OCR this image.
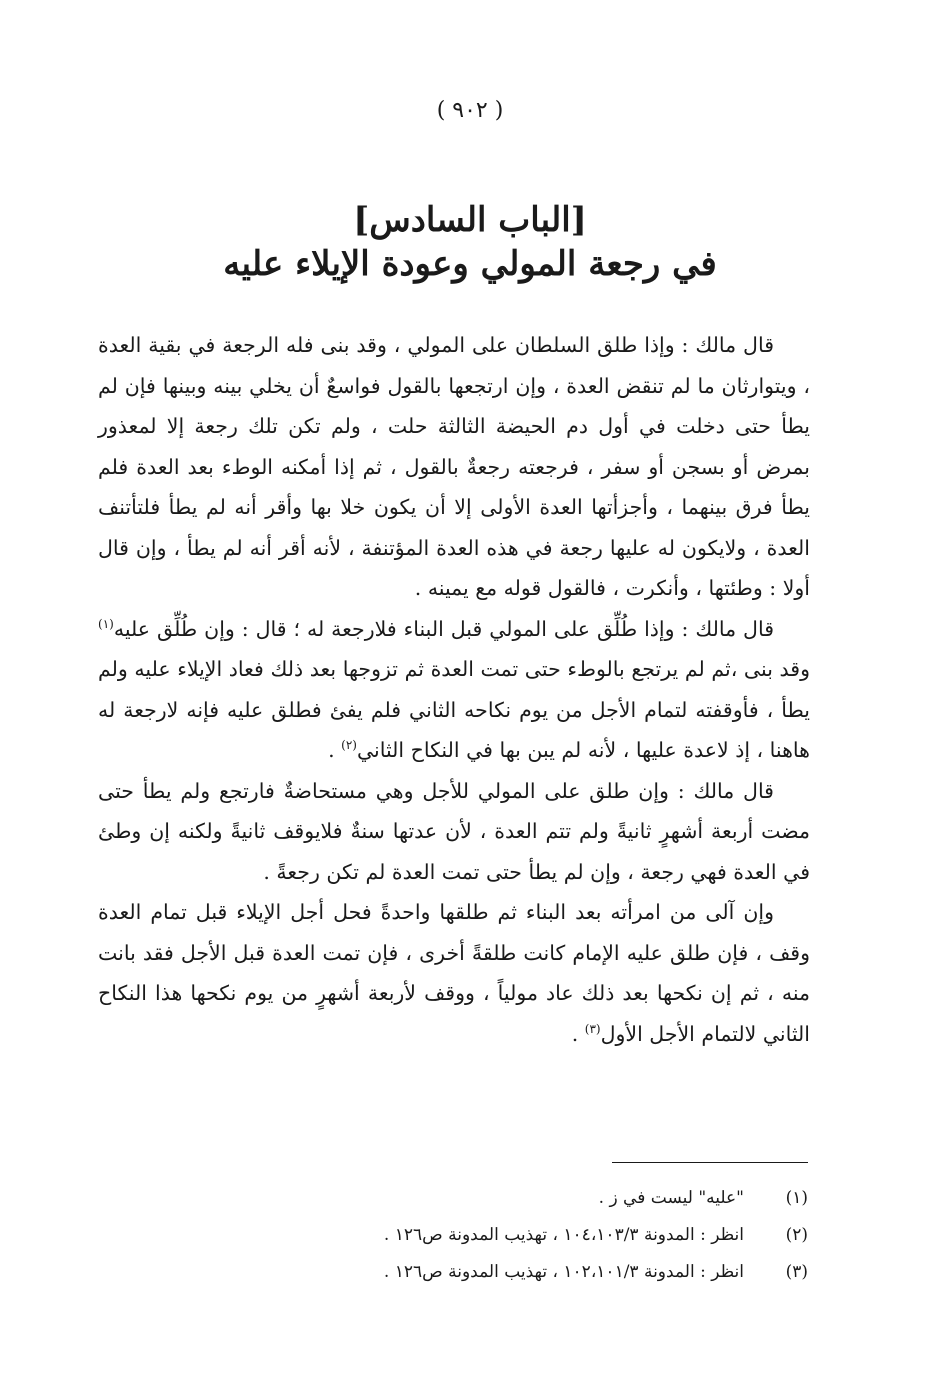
( ٩٠٢ )
[الباب السادس]
في رجعة المولي وعودة الإيلاء عليه

قال مالك : وإذا طلق السلطان على المولي ، وقد بنى فله الرجعة في بقية العدة ، ويتوارثان ما لم تنقض العدة ، وإن ارتجعها بالقول فواسعٌ أن يخلي بينه وبينها فإن لم يطأ حتى دخلت في أول دم الحيضة الثالثة حلت ، ولم تكن تلك رجعة إلا لمعذور بمرض أو بسجن أو سفر ، فرجعته رجعةٌ بالقول ، ثم إذا أمكنه الوطء بعد العدة فلم يطأ فرق بينهما ، وأجزأتها العدة الأولى إلا أن يكون خلا بها وأقر أنه لم يطأ فلتأتنف العدة ، ولايكون له عليها رجعة في هذه العدة المؤتنفة ، لأنه أقر أنه لم يطأ ، وإن قال أولا : وطئتها ، وأنكرت ، فالقول قوله مع يمينه .

قال مالك : وإذا طُلِّق على المولي قبل البناء فلارجعة له ؛ قال : وإن طُلِّق عليه$^{(١)}$ وقد بنى ،ثم لم يرتجع بالوطء حتى تمت العدة ثم تزوجها بعد ذلك فعاد الإيلاء عليه ولم يطأ ، فأوقفته لتمام الأجل من يوم نكاحه الثاني فلم يفئ فطلق عليه فإنه لارجعة له هاهنا ، إذ لاعدة عليها ، لأنه لم يبن بها في النكاح الثاني$^{(٢)}$ .

قال مالك : وإن طلق على المولي للأجل وهي مستحاضةٌ فارتجع ولم يطأ حتى مضت أربعة أشهرٍ ثانيةً ولم تتم العدة ، لأن عدتها سنةٌ فلايوقف ثانيةً ولكنه إن وطئ في العدة فهي رجعة ، وإن لم يطأ حتى تمت العدة لم تكن رجعةً .

وإن آلى من امرأته بعد البناء ثم طلقها واحدةً فحل أجل الإيلاء قبل تمام العدة وقف ، فإن طلق عليه الإمام كانت طلقةً أخرى ، فإن تمت العدة قبل الأجل فقد بانت منه ، ثم إن نكحها بعد ذلك عاد مولياً ، ووقف لأربعة أشهرٍ من يوم نكحها هذا النكاح الثاني لالتمام الأجل الأول$^{(٣)}$ .

(١)
"عليه" ليست في ز .
(٢)
انظر : المدونة ١٠٤،١٠٣/٣ ، تهذيب المدونة ص١٢٦ .
(٣)
انظر : المدونة ١٠٢،١٠١/٣ ، تهذيب المدونة ص١٢٦ .
